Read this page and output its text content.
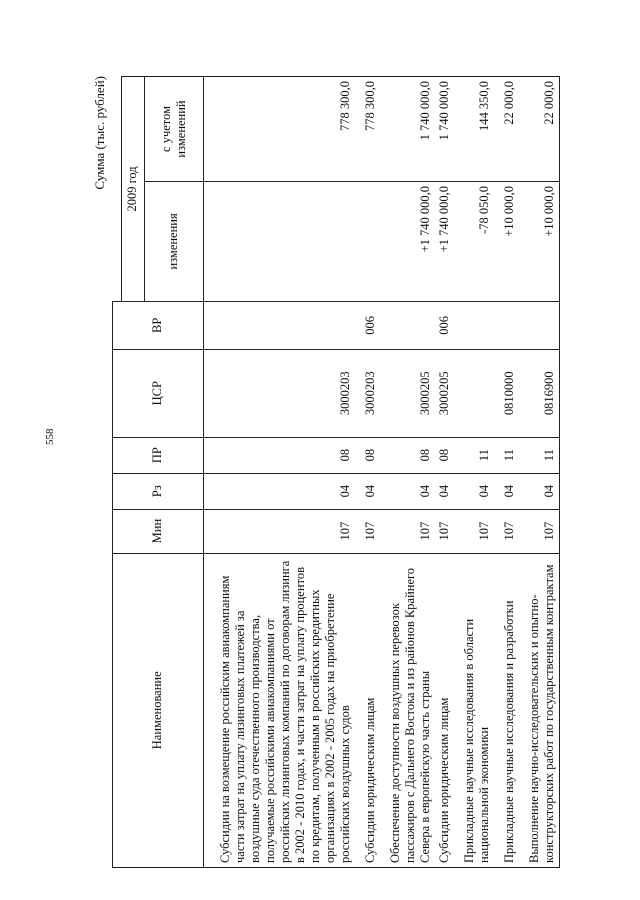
558
Сумма (тыс. рублей)
Наименование	Мин	Рз	ПР	ЦСР	ВР		
						2009 год	
						изменения	с учетом изменений

Субсидии на возмещение российским авиакомпаниям части затрат на уплату лизинговых платежей за воздушные суда отечественного производства, получаемые российскими авиакомпаниями от российских лизинговых компаний по договорам лизинга в 2002 - 2010 годах, и части затрат на уплату процентов по кредитам, полученным в российских кредитных организациях в 2002 - 2005 годах на приобретение российских воздушных судов	107	04	08	3000203			778 300,0
Субсидии юридическим лицам	107	04	08	3000203	006		778 300,0
Обеспечение доступности воздушных перевозок пассажиров с Дальнего Востока и из районов Крайнего Севера в европейскую часть страны	107	04	08	3000205		+1 740 000,0	1 740 000,0
Субсидии юридическим лицам	107	04	08	3000205	006	+1 740 000,0	1 740 000,0
Прикладные научные исследования в области национальной экономики	107	04	11			-78 050,0	144 350,0
Прикладные научные исследования и разработки	107	04	11	0810000		+10 000,0	22 000,0
Выполнение научно-исследовательских и опытно-конструкторских работ по государственным контрактам	107	04	11	0816900		+10 000,0	22 000,0
